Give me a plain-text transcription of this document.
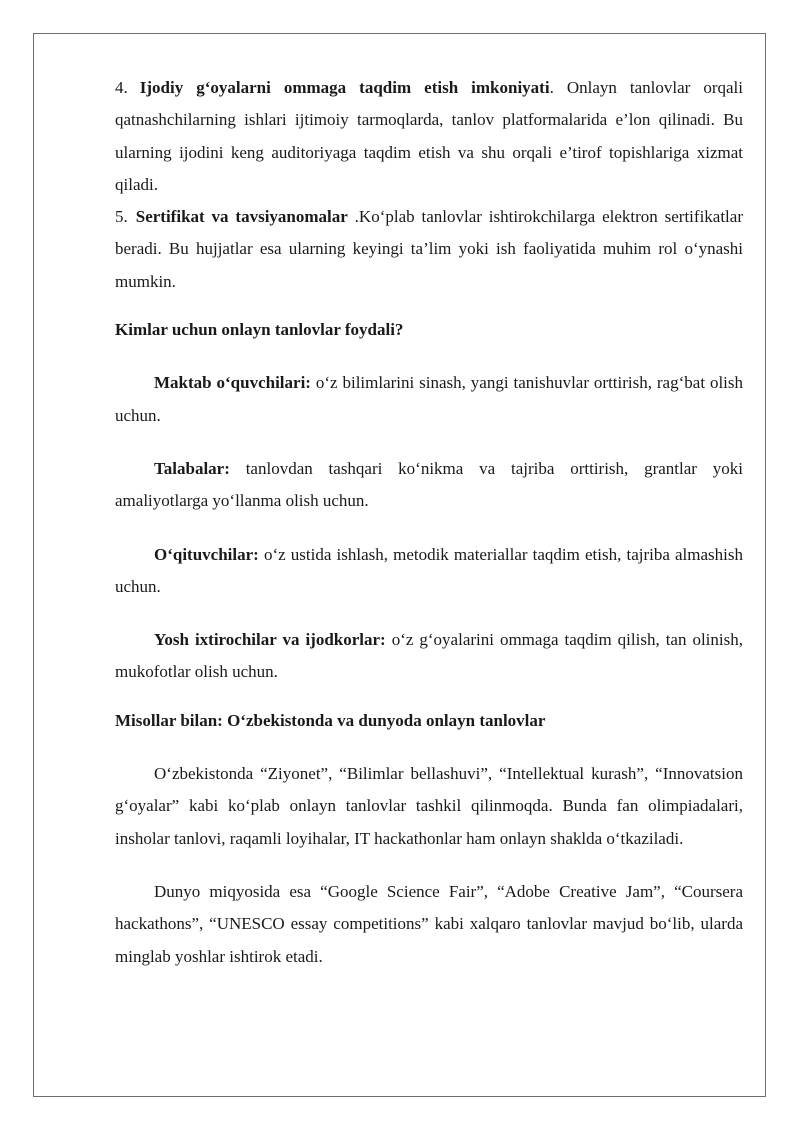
4. Ijodiy g‘oyalarni ommaga taqdim etish imkoniyati. Onlayn tanlovlar orqali qatnashchilarning ishlari ijtimoiy tarmoqlarda, tanlov platformalarida e’lon qilinadi. Bu ularning ijodini keng auditoriyaga taqdim etish va shu orqali e’tirof topishlariga xizmat qiladi.

5. Sertifikat va tavsiyanomalar .Ko‘plab tanlovlar ishtirokchilarga elektron sertifikatlar beradi. Bu hujjatlar esa ularning keyingi ta’lim yoki ish faoliyatida muhim rol o‘ynashi mumkin.

Kimlar uchun onlayn tanlovlar foydali?

Maktab o‘quvchilari: o‘z bilimlarini sinash, yangi tanishuvlar orttirish, rag‘bat olish uchun.

Talabalar: tanlovdan tashqari ko‘nikma va tajriba orttirish, grantlar yoki amaliyotlarga yo‘llanma olish uchun.

O‘qituvchilar: o‘z ustida ishlash, metodik materiallar taqdim etish, tajriba almashish uchun.

Yosh ixtirochilar va ijodkorlar: o‘z g‘oyalarini ommaga taqdim qilish, tan olinish, mukofotlar olish uchun.

Misollar bilan: O‘zbekistonda va dunyoda onlayn tanlovlar

O‘zbekistonda “Ziyonet”, “Bilimlar bellashuvi”, “Intellektual kurash”, “Innovatsion g‘oyalar” kabi ko‘plab onlayn tanlovlar tashkil qilinmoqda. Bunda fan olimpiadalari, insholar tanlovi, raqamli loyihalar, IT hackathonlar ham onlayn shaklda o‘tkaziladi.

Dunyo miqyosida esa “Google Science Fair”, “Adobe Creative Jam”, “Coursera hackathons”, “UNESCO essay competitions” kabi xalqaro tanlovlar mavjud bo‘lib, ularda minglab yoshlar ishtirok etadi.
